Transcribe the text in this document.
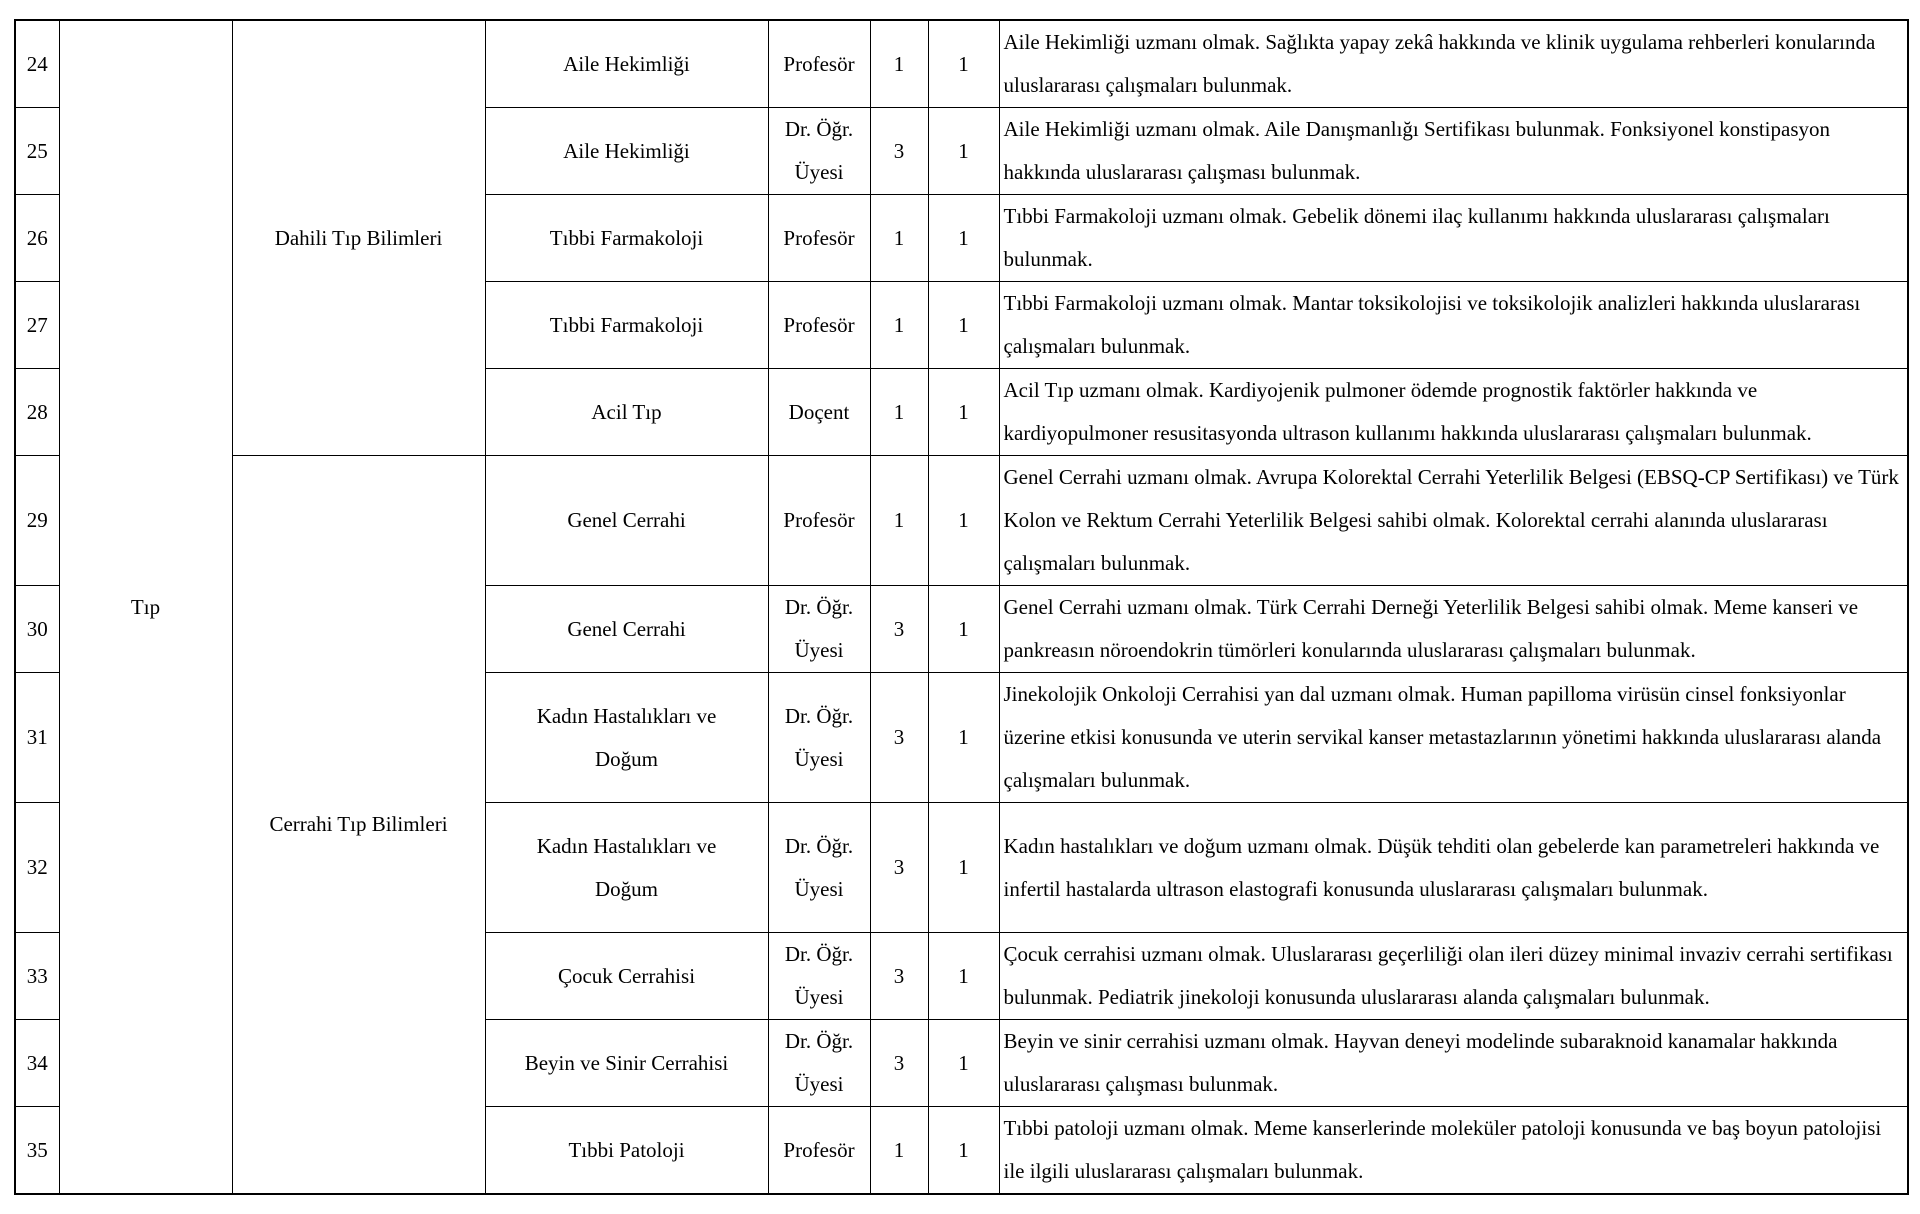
24	Tıp	Dahili Tıp Bilimleri	Aile Hekimliği	Profesör	1	1	Aile Hekimliği uzmanı olmak. Sağlıkta yapay zekâ hakkında ve klinik uygulama rehberleri konularında uluslararası çalışmaları bulunmak.
25			Aile Hekimliği	Dr. Öğr.
Üyesi	3	1	Aile Hekimliği uzmanı olmak. Aile Danışmanlığı Sertifikası bulunmak. Fonksiyonel konstipasyon hakkında uluslararası çalışması bulunmak.
26			Tıbbi Farmakoloji	Profesör	1	1	Tıbbi Farmakoloji uzmanı olmak. Gebelik dönemi ilaç kullanımı hakkında uluslararası çalışmaları bulunmak.
27			Tıbbi Farmakoloji	Profesör	1	1	Tıbbi Farmakoloji uzmanı olmak. Mantar toksikolojisi ve toksikolojik analizleri hakkında uluslararası çalışmaları bulunmak.
28			Acil Tıp	Doçent	1	1	Acil Tıp uzmanı olmak. Kardiyojenik pulmoner ödemde prognostik faktörler hakkında ve kardiyopulmoner resusitasyonda ultrason kullanımı hakkında uluslararası çalışmaları bulunmak.
29		Cerrahi Tıp Bilimleri	Genel Cerrahi	Profesör	1	1	Genel Cerrahi uzmanı olmak. Avrupa Kolorektal Cerrahi Yeterlilik Belgesi (EBSQ-CP Sertifikası) ve Türk Kolon ve Rektum Cerrahi Yeterlilik Belgesi sahibi olmak. Kolorektal cerrahi alanında uluslararası çalışmaları bulunmak.
30			Genel Cerrahi	Dr. Öğr.
Üyesi	3	1	Genel Cerrahi uzmanı olmak. Türk Cerrahi Derneği Yeterlilik Belgesi sahibi olmak. Meme kanseri ve pankreasın nöroendokrin tümörleri konularında uluslararası çalışmaları bulunmak.
31			Kadın Hastalıkları ve
Doğum	Dr. Öğr.
Üyesi	3	1	Jinekolojik Onkoloji Cerrahisi yan dal uzmanı olmak. Human papilloma virüsün cinsel fonksiyonlar üzerine etkisi konusunda ve uterin servikal kanser metastazlarının yönetimi hakkında uluslararası alanda çalışmaları bulunmak.
32			Kadın Hastalıkları ve
Doğum	Dr. Öğr.
Üyesi	3	1	Kadın hastalıkları ve doğum uzmanı olmak. Düşük tehditi olan gebelerde kan parametreleri hakkında ve infertil hastalarda ultrason elastografi konusunda uluslararası çalışmaları bulunmak.
33			Çocuk Cerrahisi	Dr. Öğr.
Üyesi	3	1	Çocuk cerrahisi uzmanı olmak. Uluslararası geçerliliği olan ileri düzey minimal invaziv cerrahi sertifikası bulunmak. Pediatrik jinekoloji konusunda uluslararası alanda çalışmaları bulunmak.
34			Beyin ve Sinir Cerrahisi	Dr. Öğr.
Üyesi	3	1	Beyin ve sinir cerrahisi uzmanı olmak. Hayvan deneyi modelinde subaraknoid kanamalar hakkında uluslararası çalışması bulunmak.
35			Tıbbi Patoloji	Profesör	1	1	Tıbbi patoloji uzmanı olmak. Meme kanserlerinde moleküler patoloji konusunda ve baş boyun patolojisi ile ilgili uluslararası çalışmaları bulunmak.
